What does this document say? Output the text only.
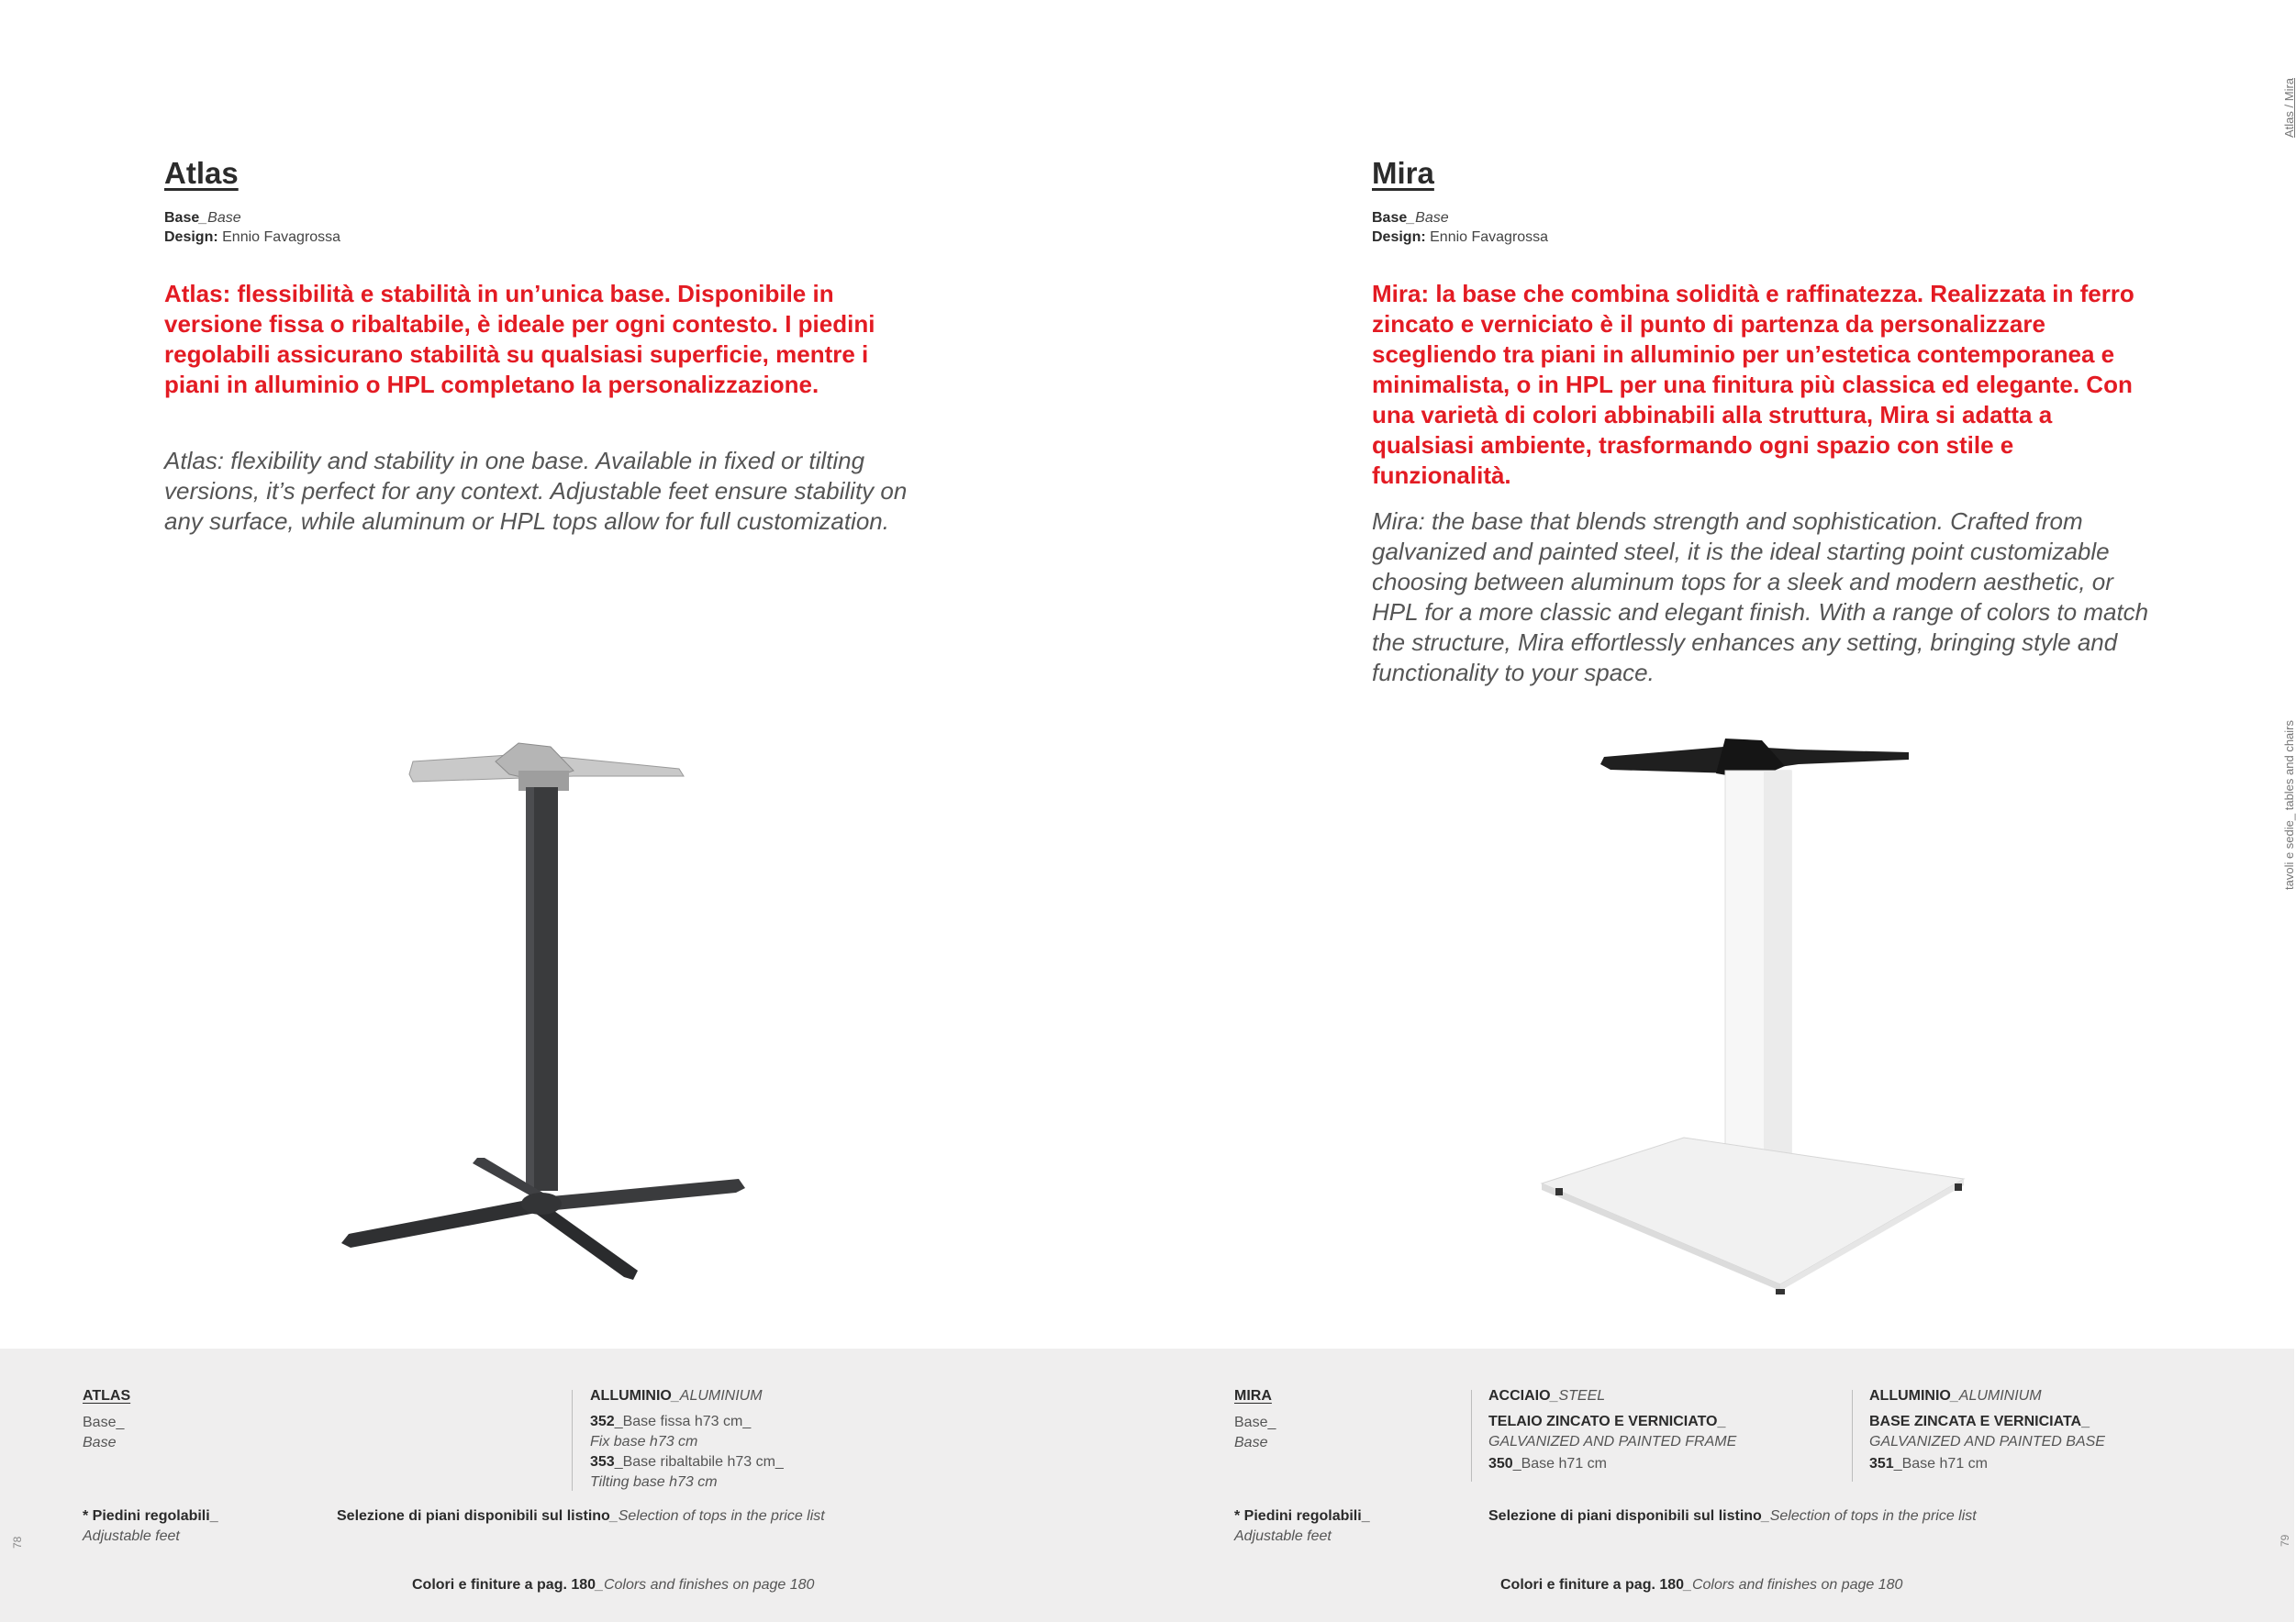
Atlas
Base_Base
Design: Ennio Favagrossa
Atlas: flessibilità e stabilità in un’unica base. Disponibile in versione fissa o ribaltabile, è ideale per ogni contesto. I piedini regolabili assicurano stabilità su qualsiasi superficie, mentre i piani in alluminio o HPL completano la personalizzazione.
Atlas: flexibility and stability in one base. Available in fixed or tilting versions, it’s perfect for any context. Adjustable feet ensure stability on any surface, while aluminum or HPL tops allow for full customization.
Mira
Base_Base
Design: Ennio Favagrossa
Mira: la base che combina solidità e raffinatezza. Realizzata in ferro zincato e verniciato è il punto di partenza da personalizzare scegliendo tra piani in alluminio per un’estetica contemporanea e minimalista, o in HPL per una finitura più classica ed elegante. Con una varietà di colori abbinabili alla struttura, Mira si adatta a qualsiasi ambiente, trasformando ogni spazio con stile e funzionalità.
Mira: the base that blends strength and sophistication. Crafted from galvanized and painted steel, it is the ideal starting point customizable choosing between aluminum tops for a sleek and modern aesthetic, or HPL for a more classic and elegant finish. With a range of colors to match the structure, Mira effortlessly enhances any setting, bringing style and functionality to your space.
Atlas / Mira
tavoli e sedie_ tables and chairs
ATLAS
Base_
Base
ALLUMINIO_ALUMINIUM
352_Base fissa h73 cm_
Fix base h73 cm
353_Base ribaltabile h73 cm_
Tilting base h73 cm
* Piedini regolabili_
Adjustable feet
Selezione di piani disponibili sul listino_Selection of tops in the price list
Colori e finiture a pag. 180_Colors and finishes on page 180
78
MIRA
Base_
Base
ACCIAIO_STEEL
TELAIO ZINCATO E VERNICIATO_
GALVANIZED AND PAINTED FRAME
350_Base h71 cm
ALLUMINIO_ALUMINIUM
BASE ZINCATA E VERNICIATA_
GALVANIZED AND PAINTED BASE
351_Base h71 cm
* Piedini regolabili_
Adjustable feet
Selezione di piani disponibili sul listino_Selection of tops in the price list
Colori e finiture a pag. 180_Colors and finishes on page 180
79
